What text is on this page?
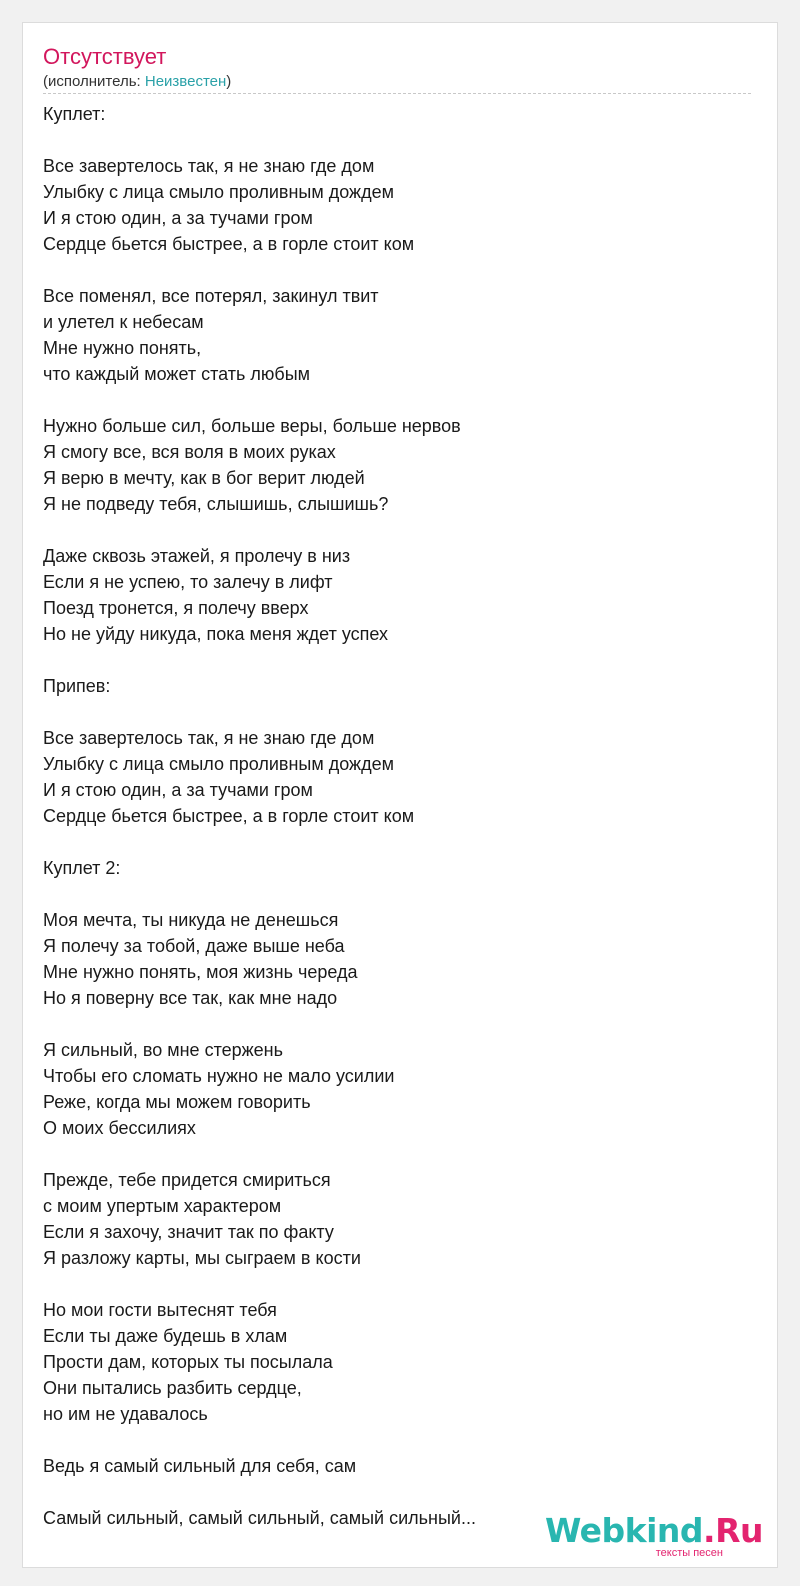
Отсутствует
(исполнитель: Неизвестен)
Куплет:
Все завертелось так, я не знаю где дом
Улыбку с лица смыло проливным дождем
И я стою один, а за тучами гром
Сердце бьется быстрее, а в горле стоит ком
Все поменял, все потерял, закинул твит
и улетел к небесам
Мне нужно понять,
что каждый может стать любым
Нужно больше сил, больше веры, больше нервов
Я смогу все, вся воля в моих руках
Я верю в мечту, как в бог верит людей
Я не подведу тебя, слышишь, слышишь?
Даже сквозь этажей, я пролечу в низ
Если я не успею, то залечу в лифт
Поезд тронется, я полечу вверх
Но не уйду никуда, пока меня ждет успех
Припев:
Все завертелось так, я не знаю где дом
Улыбку с лица смыло проливным дождем
И я стою один, а за тучами гром
Сердце бьется быстрее, а в горле стоит ком
Куплет 2:
Моя мечта, ты никуда не денешься
Я полечу за тобой, даже выше неба
Мне нужно понять, моя жизнь череда
Но я поверну все так, как мне надо
Я сильный, во мне стержень
Чтобы его сломать нужно не мало усилии
Реже, когда мы можем говорить
О моих бессилиях
Прежде, тебе придется смириться
с моим упертым характером
Если я захочу, значит так по факту
Я разложу карты, мы сыграем в кости
Но мои гости вытеснят тебя
Если ты даже будешь в хлам
Прости дам, которых ты посылала
Они пытались разбить сердце,
но им не удавалось
Ведь я самый сильный для себя, сам
Самый сильный, самый сильный, самый сильный...	Webkind.Ru
тексты песен
